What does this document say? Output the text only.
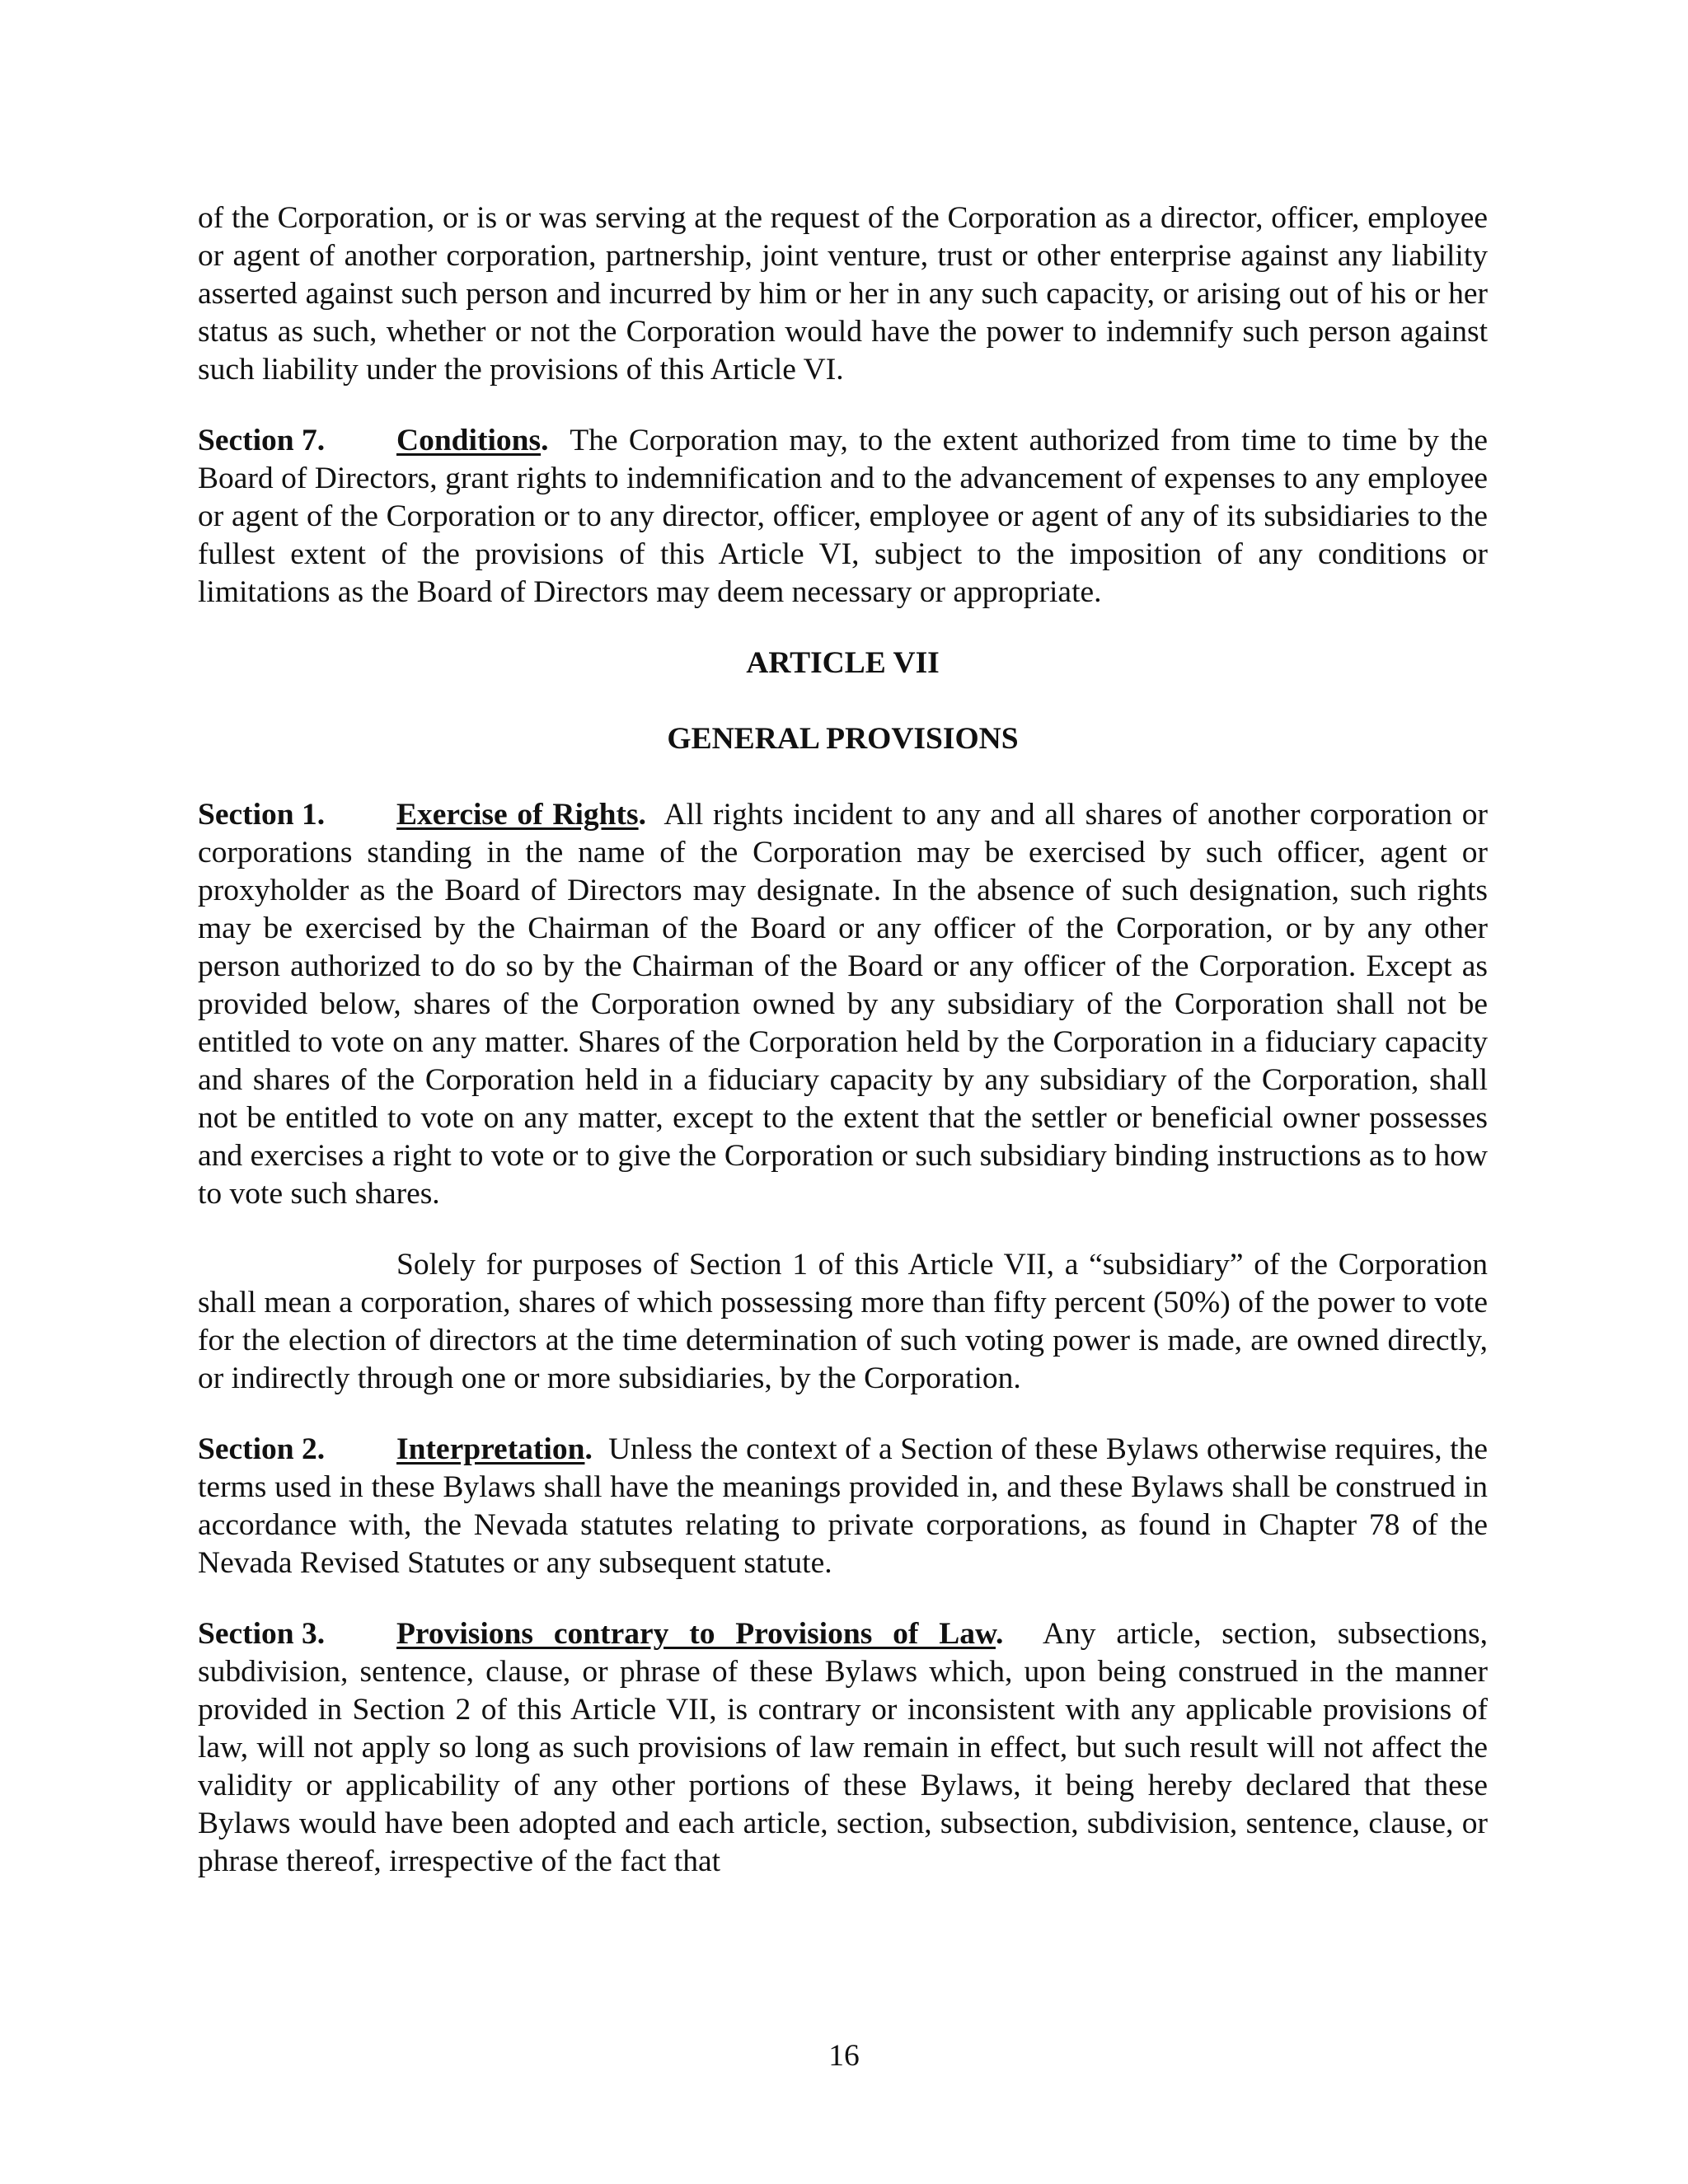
of the Corporation, or is or was serving at the request of the Corporation as a director, officer, employee or agent of another corporation, partnership, joint venture, trust or other enterprise against any liability asserted against such person and incurred by him or her in any such capacity, or arising out of his or her status as such, whether or not the Corporation would have the power to indemnify such person against such liability under the provisions of this Article VI.

Section 7. Conditions. The Corporation may, to the extent authorized from time to time by the Board of Directors, grant rights to indemnification and to the advancement of expenses to any employee or agent of the Corporation or to any director, officer, employee or agent of any of its subsidiaries to the fullest extent of the provisions of this Article VI, subject to the imposition of any conditions or limitations as the Board of Directors may deem necessary or appropriate.

ARTICLE VII

GENERAL PROVISIONS

Section 1. Exercise of Rights. All rights incident to any and all shares of another corporation or corporations standing in the name of the Corporation may be exercised by such officer, agent or proxyholder as the Board of Directors may designate. In the absence of such designation, such rights may be exercised by the Chairman of the Board or any officer of the Corporation, or by any other person authorized to do so by the Chairman of the Board or any officer of the Corporation. Except as provided below, shares of the Corporation owned by any subsidiary of the Corporation shall not be entitled to vote on any matter. Shares of the Corporation held by the Corporation in a fiduciary capacity and shares of the Corporation held in a fiduciary capacity by any subsidiary of the Corporation, shall not be entitled to vote on any matter, except to the extent that the settler or beneficial owner possesses and exercises a right to vote or to give the Corporation or such subsidiary binding instructions as to how to vote such shares.

Solely for purposes of Section 1 of this Article VII, a “subsidiary” of the Corporation shall mean a corporation, shares of which possessing more than fifty percent (50%) of the power to vote for the election of directors at the time determination of such voting power is made, are owned directly, or indirectly through one or more subsidiaries, by the Corporation.

Section 2. Interpretation. Unless the context of a Section of these Bylaws otherwise requires, the terms used in these Bylaws shall have the meanings provided in, and these Bylaws shall be construed in accordance with, the Nevada statutes relating to private corporations, as found in Chapter 78 of the Nevada Revised Statutes or any subsequent statute.

Section 3. Provisions contrary to Provisions of Law. Any article, section, subsections, subdivision, sentence, clause, or phrase of these Bylaws which, upon being construed in the manner provided in Section 2 of this Article VII, is contrary or inconsistent with any applicable provisions of law, will not apply so long as such provisions of law remain in effect, but such result will not affect the validity or applicability of any other portions of these Bylaws, it being hereby declared that these Bylaws would have been adopted and each article, section, subsection, subdivision, sentence, clause, or phrase thereof, irrespective of the fact that

16
